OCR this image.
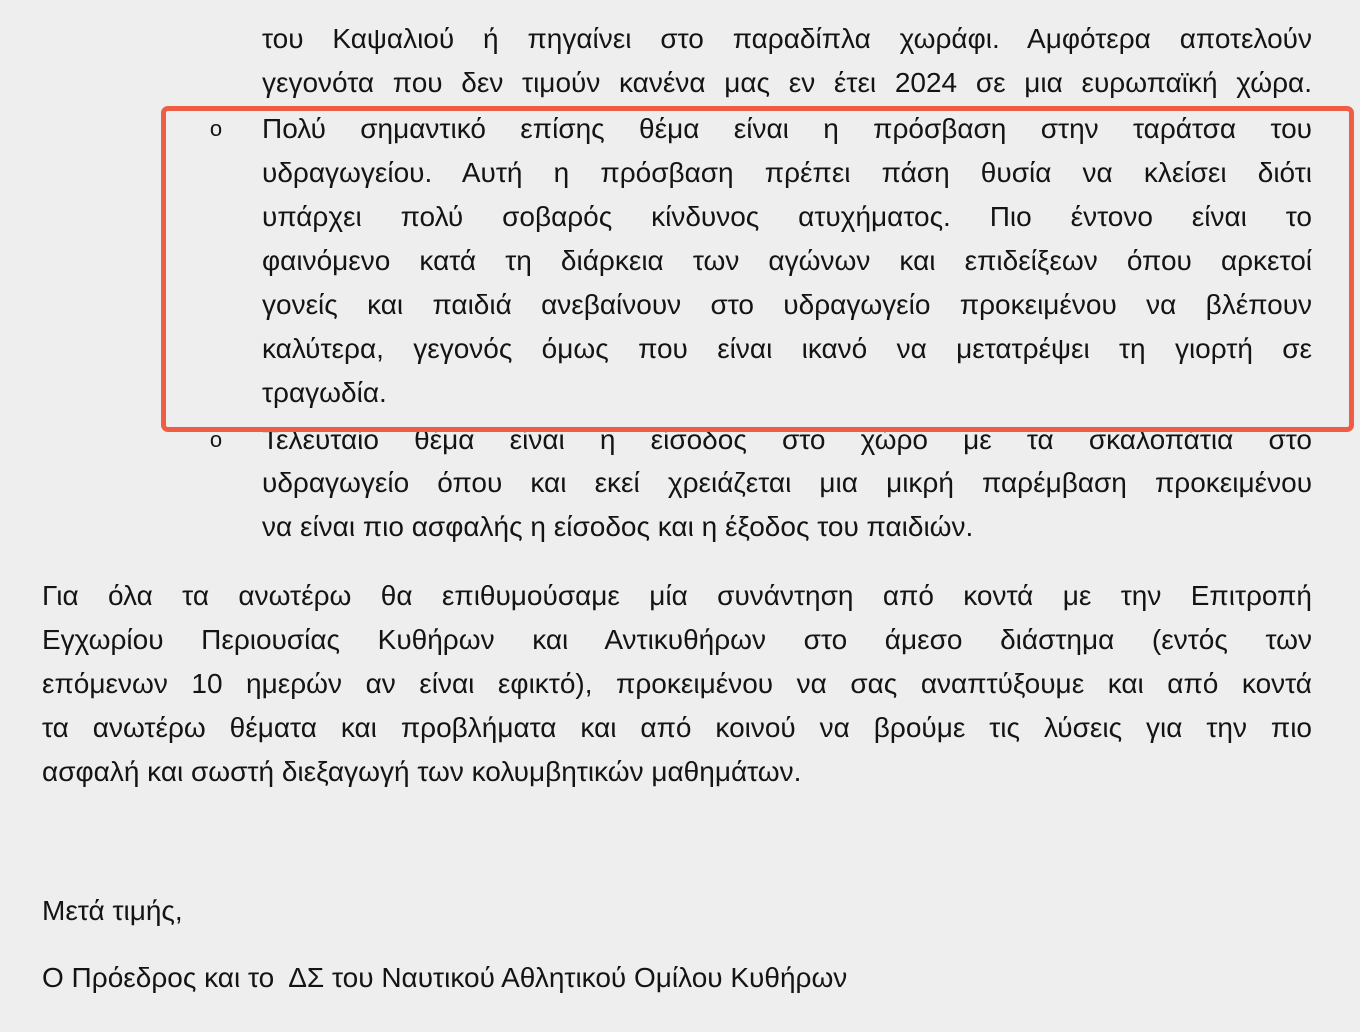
του Καψαλιού ή πηγαίνει στο παραδίπλα χωράφι. Αμφότερα αποτελούν

γεγονότα που δεν τιμούν κανένα μας εν έτει 2024 σε μια ευρωπαϊκή χώρα.

o Πολύ σημαντικό επίσης θέμα είναι η πρόσβαση στην ταράτσα του

υδραγωγείου. Αυτή η πρόσβαση πρέπει πάση θυσία να κλείσει διότι

υπάρχει πολύ σοβαρός κίνδυνος ατυχήματος. Πιο έντονο είναι το

φαινόμενο κατά τη διάρκεια των αγώνων και επιδείξεων όπου αρκετοί

γονείς και παιδιά ανεβαίνουν στο υδραγωγείο προκειμένου να βλέπουν

καλύτερα, γεγονός όμως που είναι ικανό να μετατρέψει τη γιορτή σε

τραγωδία.

o Τελευταίο θέμα είναι η είσοδος στο χώρο με τα σκαλοπάτια στο

υδραγωγείο όπου και εκεί χρειάζεται μια μικρή παρέμβαση προκειμένου

να είναι πιο ασφαλής η είσοδος και η έξοδος του παιδιών.

Για όλα τα ανωτέρω θα επιθυμούσαμε μία συνάντηση από κοντά με την Επιτροπή

Εγχωρίου Περιουσίας Κυθήρων και Αντικυθήρων στο άμεσο διάστημα (εντός των

επόμενων 10 ημερών αν είναι εφικτό), προκειμένου να σας αναπτύξουμε και από κοντά

τα ανωτέρω θέματα και προβλήματα και από κοινού να βρούμε τις λύσεις για την πιο

ασφαλή και σωστή διεξαγωγή των κολυμβητικών μαθημάτων.

Μετά τιμής,

Ο Πρόεδρος και το  ΔΣ του Ναυτικού Αθλητικού Ομίλου Κυθήρων
